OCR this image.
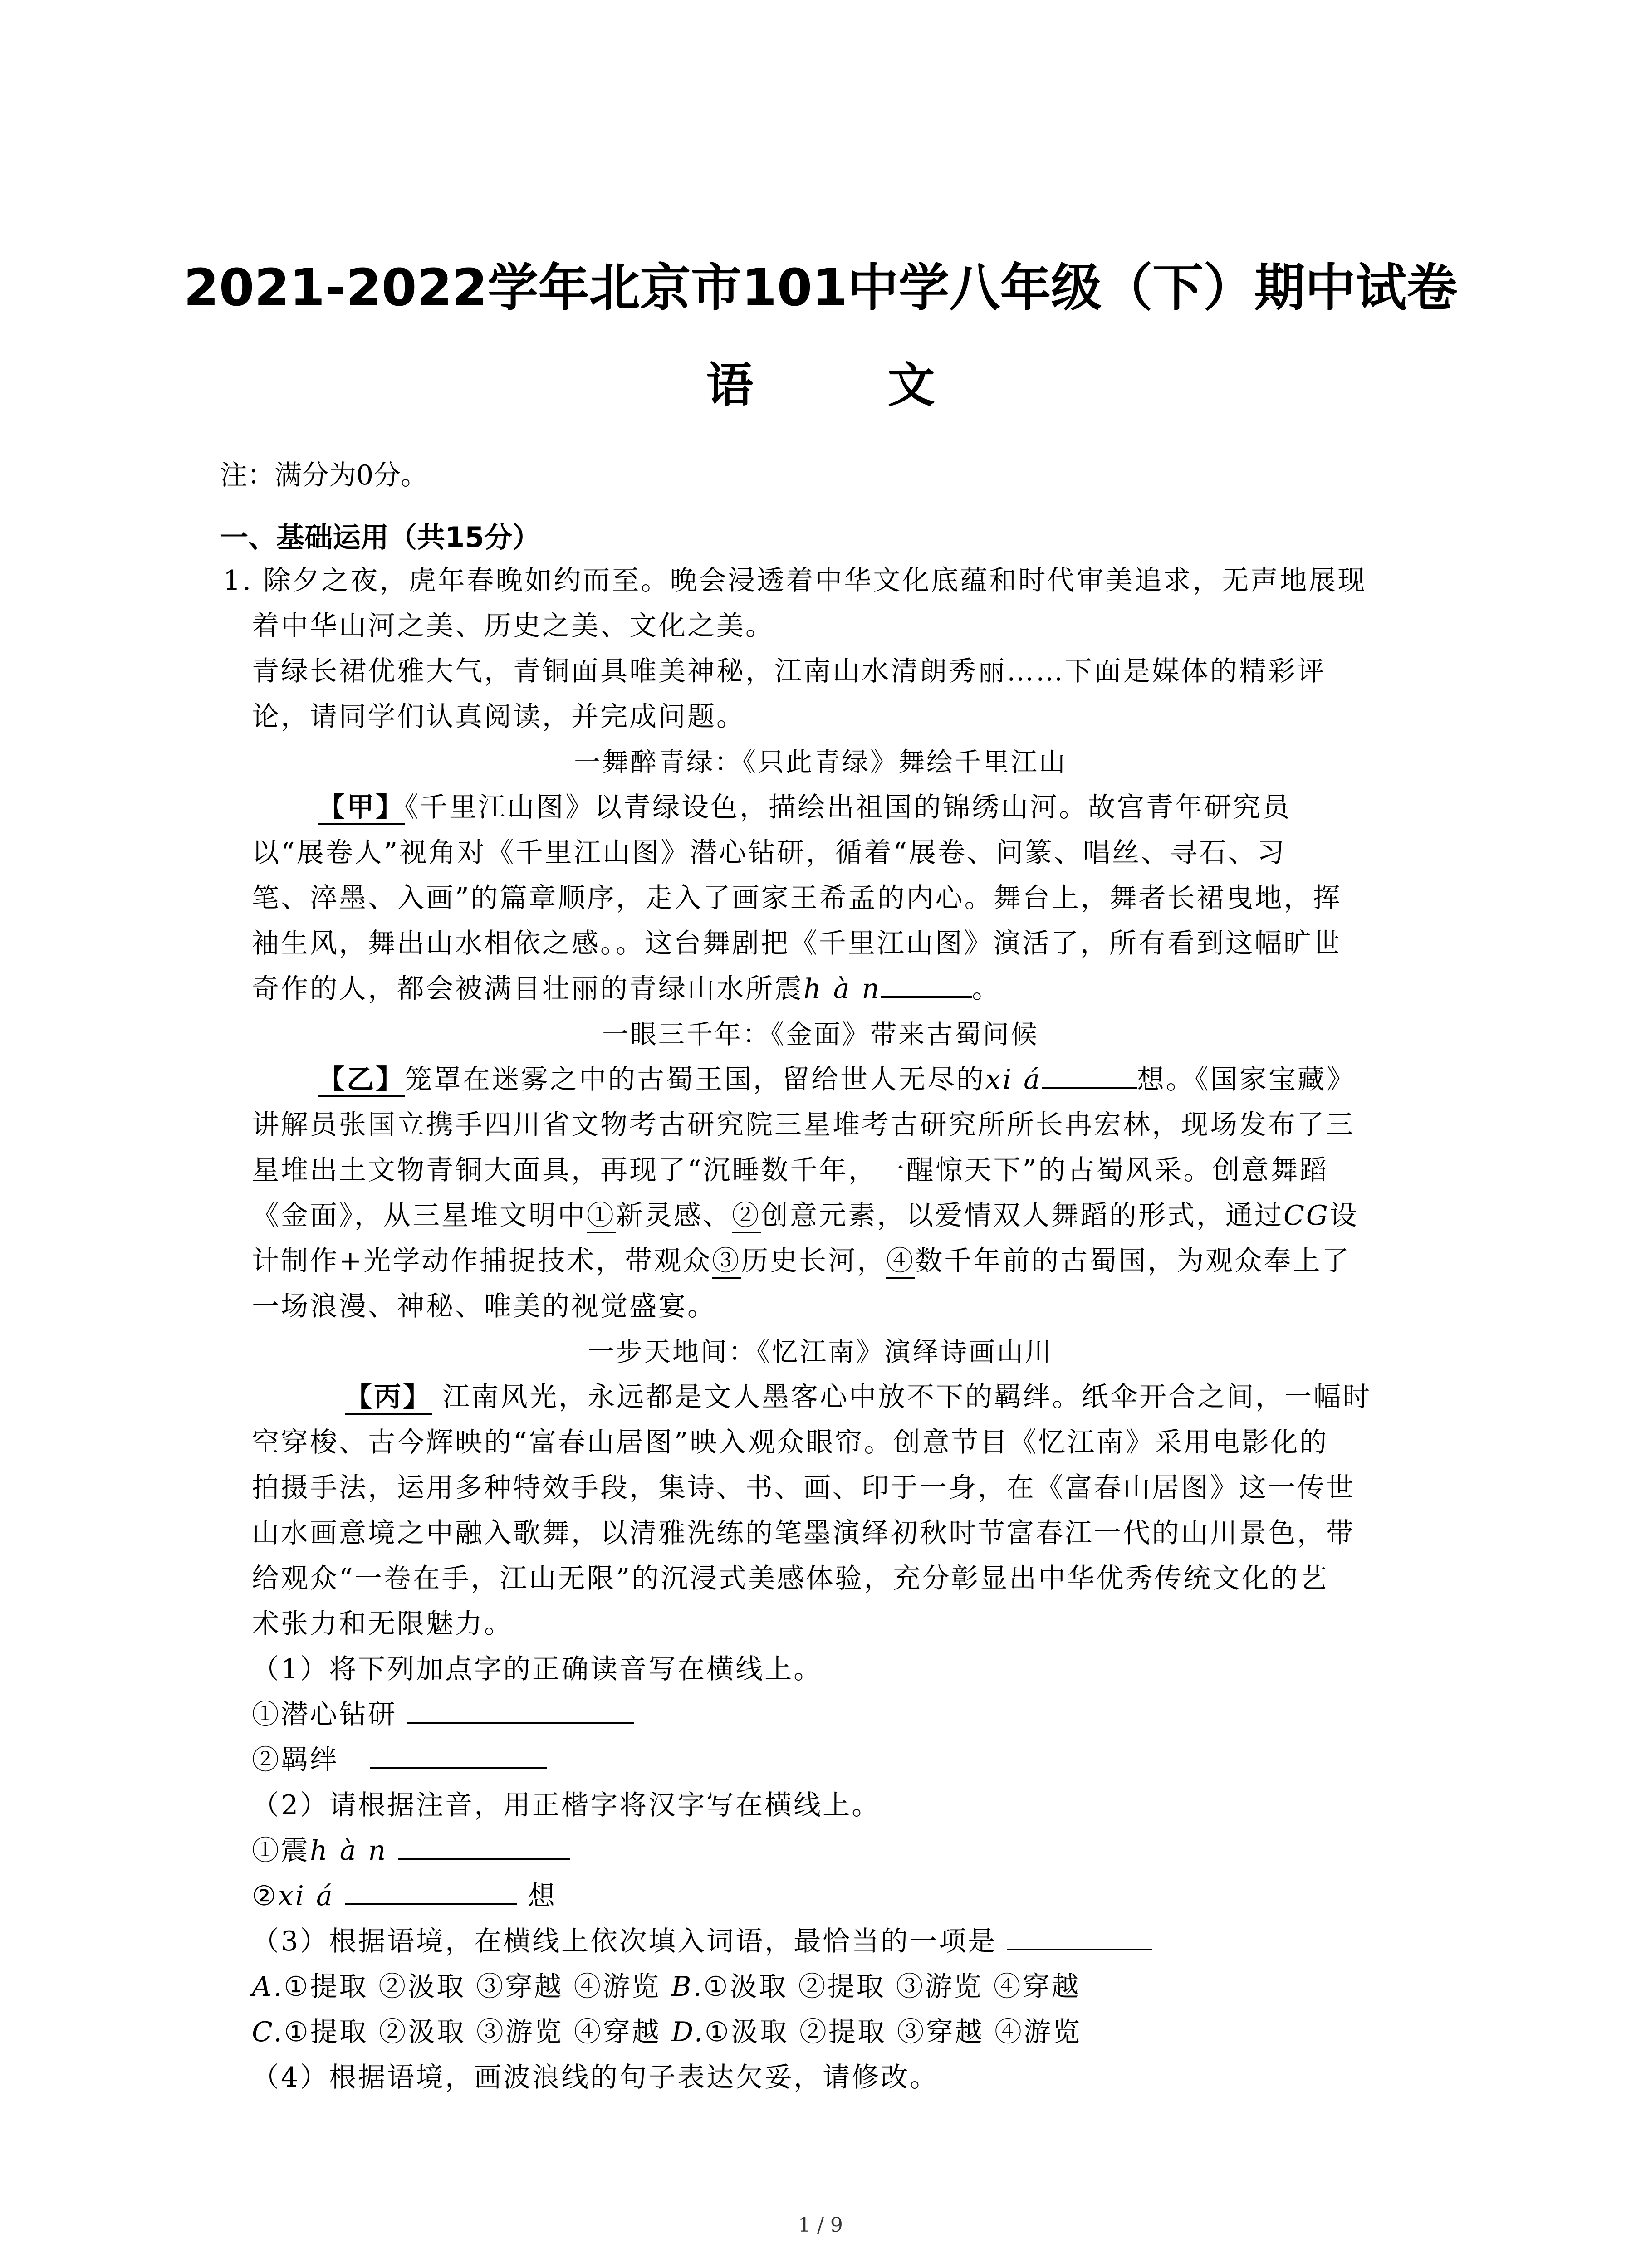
2021-2022学年北京市101中学八年级（下）期中试卷
语 文
注：满分为0分。
一、基础运用（共15分）
1. 除夕之夜，虎年春晚如约而至。晚会浸透着中华文化底蕴和时代审美追求，无声地展现
着中华山河之美、历史之美、文化之美。
青绿长裙优雅大气，青铜面具唯美神秘，江南山水清朗秀丽……下面是媒体的精彩评
论，请同学们认真阅读，并完成问题。
一舞醉青绿：《只此青绿》舞绘千里江山
【甲】《千里江山图》以青绿设色，描绘出祖国的锦绣山河。故宫青年研究员
以“展卷人”视角对《千里江山图》潜心钻研，循着“展卷、问篆、唱丝、寻石、习
笔、淬墨、入画”的篇章顺序，走入了画家王希孟的内心。舞台上，舞者长裙曳地，挥
袖生风，舞出山水相依之感。。这台舞剧把《千里江山图》演活了，所有看到这幅旷世
奇作的人，都会被满目壮丽的青绿山水所震h à n	。
一眼三千年：《金面》带来古蜀问候
【乙】笼罩在迷雾之中的古蜀王国，留给世人无尽的xi á	想。《国家宝藏》
讲解员张国立携手四川省文物考古研究院三星堆考古研究所所长冉宏林，现场发布了三
星堆出土文物青铜大面具，再现了“沉睡数千年，一醒惊天下”的古蜀风采。创意舞蹈
《金面》，从三星堆文明中①新灵感、②创意元素，以爱情双人舞蹈的形式，通过CG设
计制作+光学动作捕捉技术，带观众③历史长河，④数千年前的古蜀国，为观众奉上了
一场浪漫、神秘、唯美的视觉盛宴。
一步天地间：《忆江南》演绎诗画山川
【丙】 江南风光，永远都是文人墨客心中放不下的羁绊。纸伞开合之间，一幅时
空穿梭、古今辉映的“富春山居图”映入观众眼帘。创意节目《忆江南》采用电影化的
拍摄手法，运用多种特效手段，集诗、书、画、印于一身，在《富春山居图》这一传世
山水画意境之中融入歌舞，以清雅洗练的笔墨演绎初秋时节富春江一代的山川景色，带
给观众“一卷在手，江山无限”的沉浸式美感体验，充分彰显出中华优秀传统文化的艺
术张力和无限魅力。
（1）将下列加点字的正确读音写在横线上。
①潜心钻研
②羁绊
（2）请根据注音，用正楷字将汉字写在横线上。
①震h à n
②xi á	想
（3）根据语境，在横线上依次填入词语，最恰当的一项是
A.①提取 ②汲取 ③穿越 ④游览 B.①汲取 ②提取 ③游览 ④穿越
C.①提取 ②汲取 ③游览 ④穿越 D.①汲取 ②提取 ③穿越 ④游览
（4）根据语境，画波浪线的句子表达欠妥，请修改。
1 / 9
